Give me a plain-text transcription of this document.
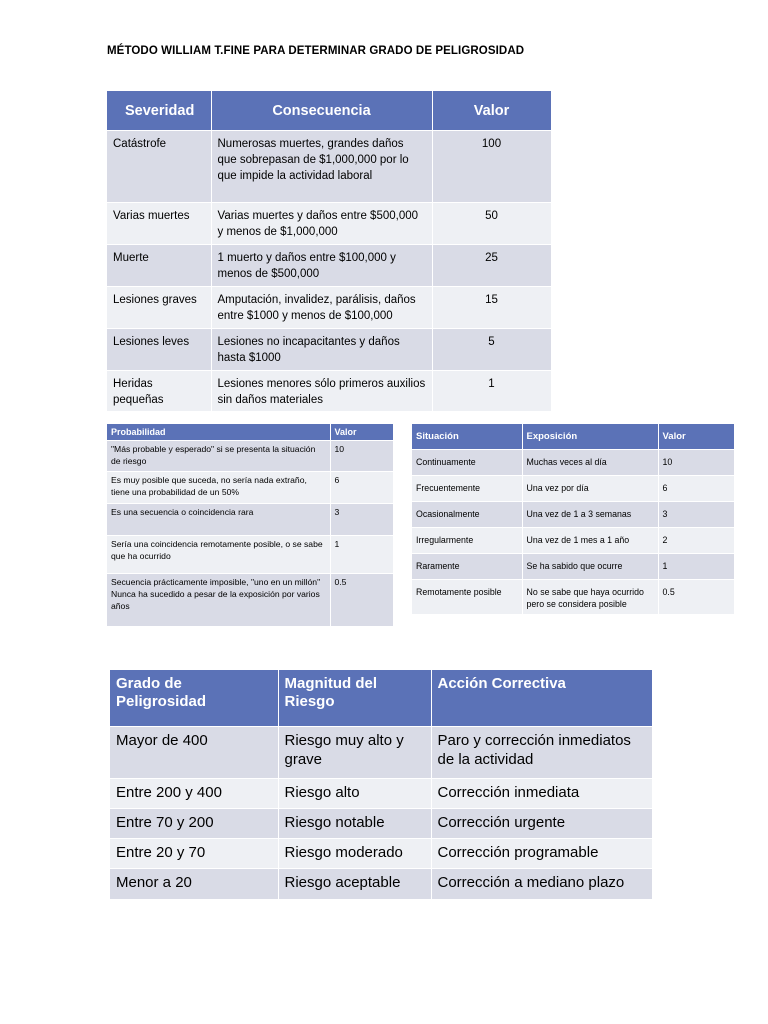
MÉTODO WILLIAM T.FINE PARA DETERMINAR GRADO DE PELIGROSIDAD
Severidad	Consecuencia	Valor
Catástrofe	Numerosas muertes, grandes daños que sobrepasan de $1,000,000 por lo que impide la actividad laboral	100
Varias muertes	Varias muertes y daños entre $500,000 y menos de $1,000,000	50
Muerte	1 muerto y daños entre $100,000 y menos de $500,000	25
Lesiones graves	Amputación, invalidez, parálisis, daños entre $1000 y menos de $100,000	15
Lesiones leves	Lesiones no incapacitantes y daños hasta $1000	5
Heridas pequeñas	Lesiones menores sólo primeros auxilios sin daños materiales	1
Probabilidad	Valor
"Más probable y esperado" si se presenta la situación de riesgo	10
Es muy posible que suceda, no sería nada extraño, tiene una probabilidad de un 50%	6
Es una secuencia o coincidencia rara	3
Sería una coincidencia remotamente posible, o se sabe que ha ocurrido	1
Secuencia prácticamente imposible, "uno en un millón" Nunca ha sucedido a pesar de la exposición por varios años	0.5
Situación	Exposición	Valor
Continuamente	Muchas veces al día	10
Frecuentemente	Una vez por día	6
Ocasionalmente	Una vez de 1 a 3 semanas	3
Irregularmente	Una vez de 1 mes a 1 año	2
Raramente	Se ha sabido que ocurre	1
Remotamente posible	No se sabe que haya ocurrido pero se considera posible	0.5
Grado de Peligrosidad	Magnitud del Riesgo	Acción Correctiva
Mayor de 400	Riesgo muy alto y grave	Paro y corrección inmediatos de la actividad
Entre 200 y 400	Riesgo alto	Corrección inmediata
Entre 70 y 200	Riesgo notable	Corrección urgente
Entre 20 y 70	Riesgo moderado	Corrección programable
Menor a 20	Riesgo aceptable	Corrección a mediano plazo
